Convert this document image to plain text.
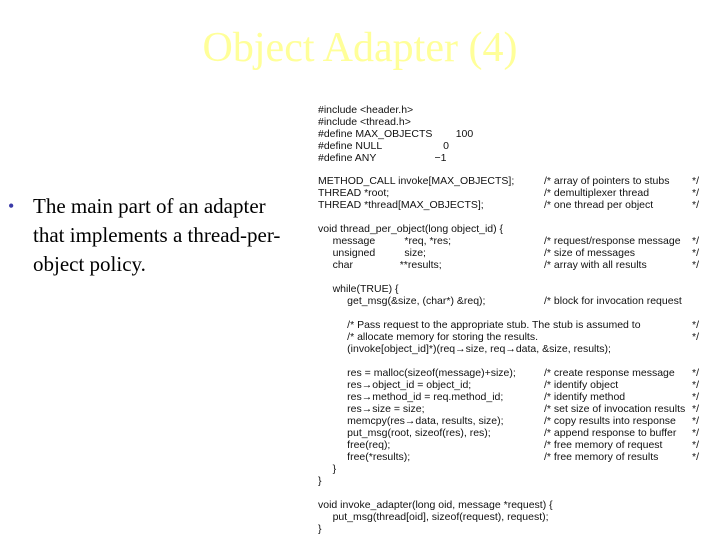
Object Adapter (4)
• The main part of an adapter that implements a thread-per-object policy.
#include <header.h>
#include <thread.h>
#define MAX_OBJECTS        100
#define NULL                     0
#define ANY                    −1
METHOD_CALL invoke[MAX_OBJECTS];	/* array of pointers to stubs */
THREAD *root;	/* demultiplexer thread	*/
THREAD *thread[MAX_OBJECTS];	/* one thread per object	*/
void thread_per_object(long object_id) {
message          *req, *res;	/* request/response message */
unsigned          size;	/* size of messages	*/
char                **results;	/* array with all results	*/
while(TRUE) {
get_msg(&size, (char*) &req);	/* block for invocation request
/* Pass request to the appropriate stub. The stub is assumed to	*/
/* allocate memory for storing the results.	*/
(invoke[object_id]*)(req→size, req→data, &size, results);
res = malloc(sizeof(message)+size);	/* create response message */
res→object_id = object_id;	/* identify object	*/
res→method_id = req.method_id;	/* identify method	*/
res→size = size;	/* set size of invocation results */
memcpy(res→data, results, size);	/* copy results into response */
put_msg(root, sizeof(res), res);	/* append response to buffer */
free(req);	/* free memory of request	*/
free(*results);	/* free memory of results	*/
}
}
void invoke_adapter(long oid, message *request) {
put_msg(thread[oid], sizeof(request), request);
}
